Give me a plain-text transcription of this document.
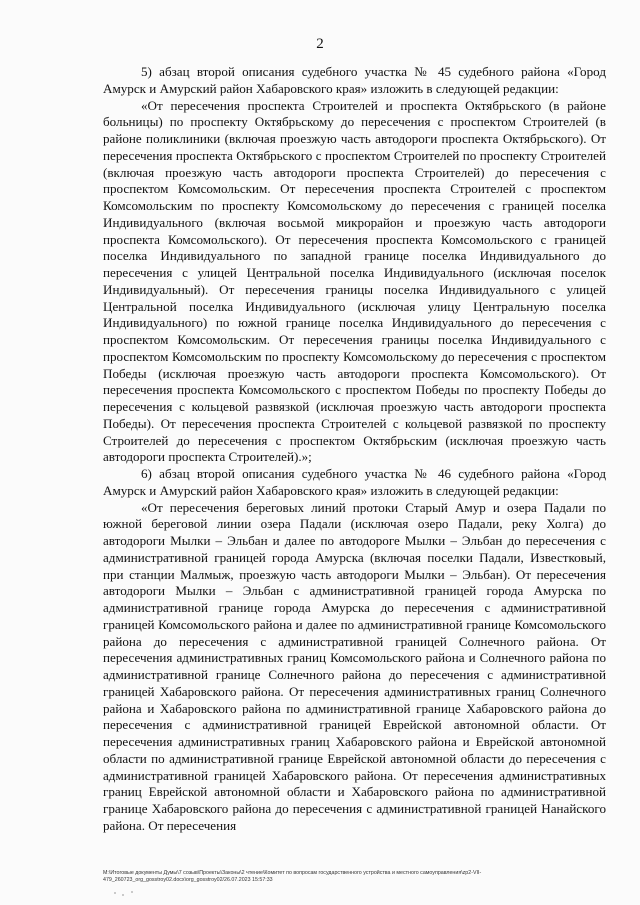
2

5) абзац второй описания судебного участка № 45 судебного района «Город Амурск и Амурский район Хабаровского края» изложить в следующей редакции:

«От пересечения проспекта Строителей и проспекта Октябрьского (в районе больницы) по проспекту Октябрьскому до пересечения с проспектом Строителей (в районе поликлиники (включая проезжую часть автодороги проспекта Октябрьского). От пересечения проспекта Октябрьского с проспектом Строителей по проспекту Строителей (включая проезжую часть автодороги проспекта Строителей) до пересечения с проспектом Комсомольским. От пересечения проспекта Строителей с проспектом Комсомольским по проспекту Комсомольскому до пересечения с границей поселка Индивидуального (включая восьмой микрорайон и проезжую часть автодороги проспекта Комсомольского). От пересечения проспекта Комсомольского с границей поселка Индивидуального по западной границе поселка Индивидуального до пересечения с улицей Центральной поселка Индивидуального (исключая поселок Индивидуальный). От пересечения границы поселка Индивидуального с улицей Центральной поселка Индивидуального (исключая улицу Центральную поселка Индивидуального) по южной границе поселка Индивидуального до пересечения с проспектом Комсомольским. От пересечения границы поселка Индивидуального с проспектом Комсомольским по проспекту Комсомольскому до пересечения с проспектом Победы (исключая проезжую часть автодороги проспекта Комсомольского). От пересечения проспекта Комсомольского с проспектом Победы по проспекту Победы до пересечения с кольцевой развязкой (исключая проезжую часть автодороги проспекта Победы). От пересечения проспекта Строителей с кольцевой развязкой по проспекту Строителей до пересечения с проспектом Октябрьским (исключая проезжую часть автодороги проспекта Строителей).»;

6) абзац второй описания судебного участка № 46 судебного района «Город Амурск и Амурский район Хабаровского края» изложить в следующей редакции:

«От пересечения береговых линий протоки Старый Амур и озера Падали по южной береговой линии озера Падали (исключая озеро Падали, реку Холга) до автодороги Мылки – Эльбан и далее по автодороге Мылки – Эльбан до пересечения с административной границей города Амурска (включая поселки Падали, Известковый, при станции Малмыж, проезжую часть автодороги Мылки – Эльбан). От пересечения автодороги Мылки – Эльбан с административной границей города Амурска по административной границе города Амурска до пересечения с административной границей Комсомольского района и далее по административной границе Комсомольского района до пересечения с административной границей Солнечного района. От пересечения административных границ Комсомольского района и Солнечного района по административной границе Солнечного района до пересечения с административной границей Хабаровского района. От пересечения административных границ Солнечного района и Хабаровского района по административной границе Хабаровского района до пересечения с административной границей Еврейской автономной области. От пересечения административных границ Хабаровского района и Еврейской автономной области по административной границе Еврейской автономной области до пересечения с административной границей Хабаровского района. От пересечения административных границ Еврейской автономной области и Хабаровского района по административной границе Хабаровского района до пересечения с административной границей Нанайского района. От пересечения

M:\Итоговые документы Думы\7 созыв\Проекты\Законы\2 чтение\Комитет по вопросам государственного устройства и местного самоуправления\zp2-VII-479_260723_org_gosstroy02.docx\org_gosstroy02/26.07.2023 15:57:33
